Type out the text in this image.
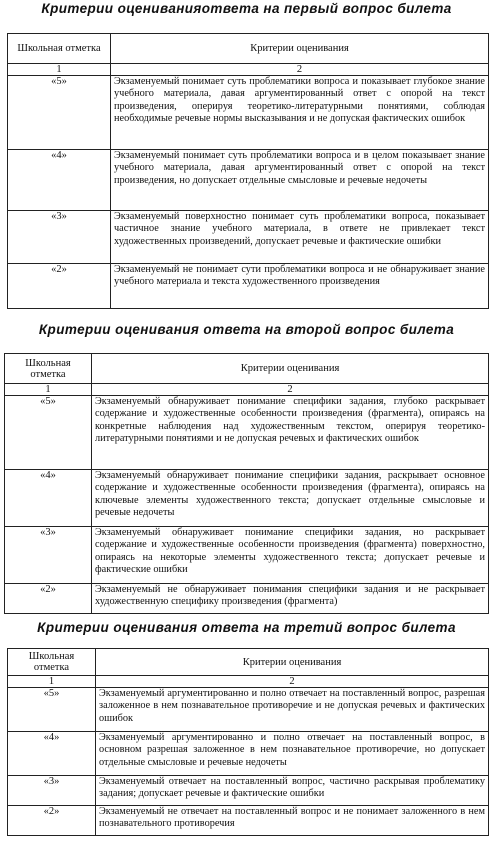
Критерии оцениванияответа на первый вопрос билета
Школьная отметка	Критерии оценивания
1	2
«5»	Экзаменуемый понимает суть проблематики вопроса и показывает глубокое знание учебного материала, давая аргументированный ответ с опорой на текст произведения, оперируя теоретико-литературными понятиями, соблюдая необходимые речевые нормы высказывания и не допуская фактических ошибок
«4»	Экзаменуемый понимает суть проблематики вопроса и в целом показывает знание учебного материала, давая аргументированный ответ с опорой на текст произведения, но допускает отдельные смысловые и речевые недочеты
«3»	Экзаменуемый поверхностно понимает суть проблематики вопроса, показывает частичное знание учебного материала, в ответе не привлекает текст художественных произведений, допускает речевые и фактические ошибки
«2»	Экзаменуемый не понимает сути проблематики вопроса и не обнаруживает знание учебного материала и текста художественного произведения
Критерии оценивания ответа на второй вопрос билета
Школьная отметка	Критерии оценивания
1	2
«5»	Экзаменуемый обнаруживает понимание специфики задания, глубоко раскрывает содержание и художественные особенности произведения (фрагмента), опираясь на конкретные наблюдения над художественным текстом, оперируя теоретико-литературными понятиями и не допуская речевых и фактических ошибок
«4»	Экзаменуемый обнаруживает понимание специфики задания, раскрывает основное содержание и художественные особенности произведения (фрагмента), опираясь на ключевые элементы художественного текста; допускает отдельные смысловые и речевые недочеты
«3»	Экзаменуемый обнаруживает понимание специфики задания, но раскрывает содержание и художественные особенности произведения (фрагмента) поверхностно, опираясь на некоторые элементы художественного текста; допускает речевые и фактические ошибки
«2»	Экзаменуемый не обнаруживает понимания специфики задания и не раскрывает художественную специфику произведения (фрагмента)
Критерии оценивания ответа на третий вопрос билета
Школьная отметка	Критерии оценивания
1	2
«5»	Экзаменуемый аргументированно и полно отвечает на поставленный вопрос, разрешая заложенное в нем познавательное противоречие и не допуская речевых и фактических ошибок
«4»	Экзаменуемый аргументированно и полно отвечает на поставленный вопрос, в основном разрешая заложенное в нем познавательное противоречие, но допускает отдельные смысловые и речевые недочеты
«3»	Экзаменуемый отвечает на поставленный вопрос, частично раскрывая проблематику задания; допускает речевые и фактические ошибки
«2»	Экзаменуемый не отвечает на поставленный вопрос и не понимает заложенного в нем познавательного противоречия
